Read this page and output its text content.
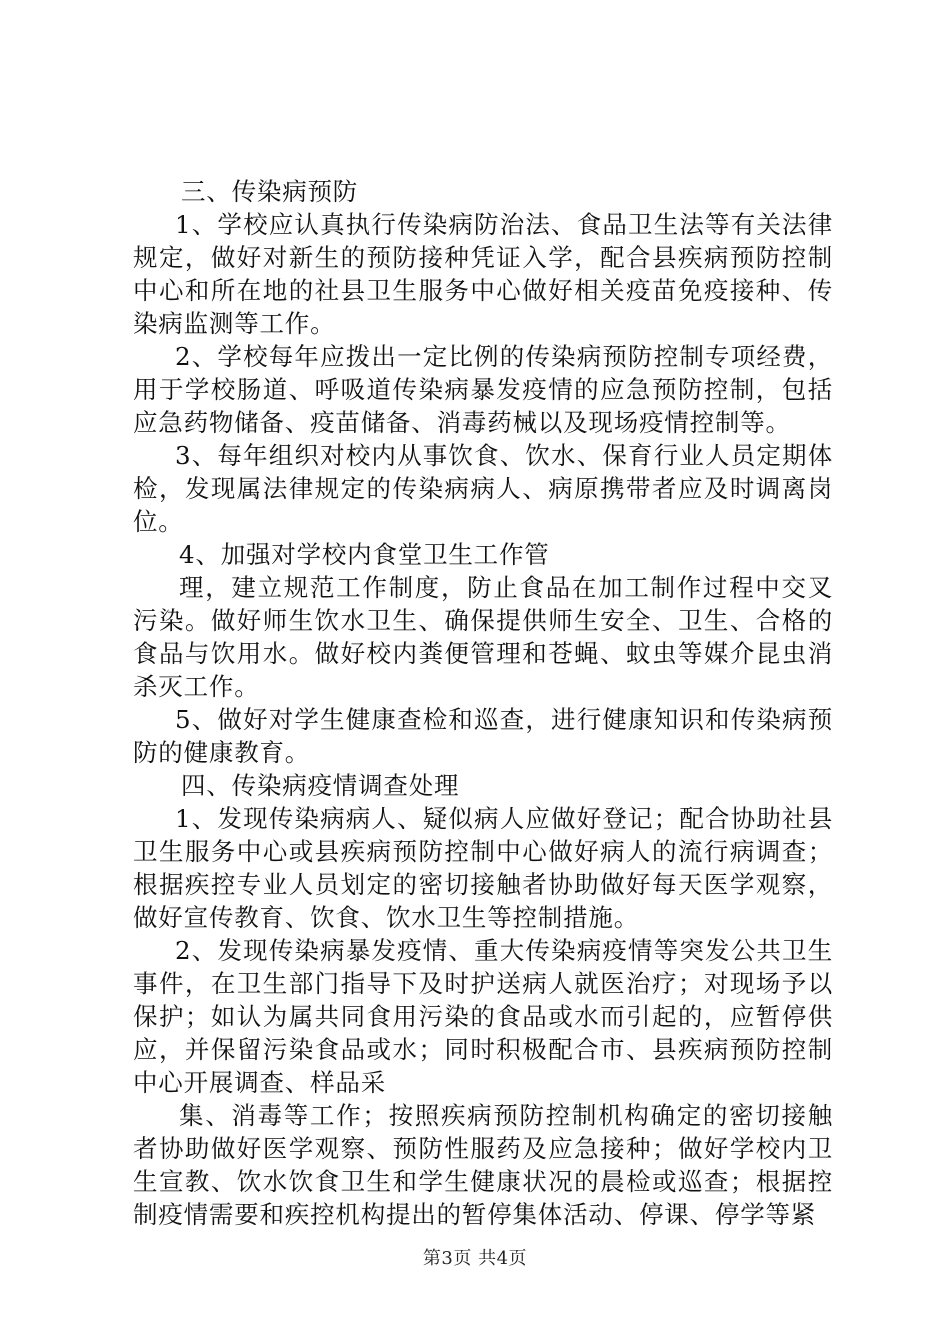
三、传染病预防

1、学校应认真执行传染病防治法、食品卫生法等有关法律规定，做好对新生的预防接种凭证入学，配合县疾病预防控制中心和所在地的社县卫生服务中心做好相关疫苗免疫接种、传染病监测等工作。

2、学校每年应拨出一定比例的传染病预防控制专项经费，用于学校肠道、呼吸道传染病暴发疫情的应急预防控制，包括应急药物储备、疫苗储备、消毒药械以及现场疫情控制等。

3、每年组织对校内从事饮食、饮水、保育行业人员定期体检，发现属法律规定的传染病病人、病原携带者应及时调离岗位。

4、加强对学校内食堂卫生工作管

理，建立规范工作制度，防止食品在加工制作过程中交叉污染。做好师生饮水卫生、确保提供师生安全、卫生、合格的食品与饮用水。做好校内粪便管理和苍蝇、蚊虫等媒介昆虫消杀灭工作。

5、做好对学生健康查检和巡查，进行健康知识和传染病预防的健康教育。

四、传染病疫情调查处理

1、发现传染病病人、疑似病人应做好登记；配合协助社县卫生服务中心或县疾病预防控制中心做好病人的流行病调查；根据疾控专业人员划定的密切接触者协助做好每天医学观察，做好宣传教育、饮食、饮水卫生等控制措施。

2、发现传染病暴发疫情、重大传染病疫情等突发公共卫生事件，在卫生部门指导下及时护送病人就医治疗；对现场予以保护；如认为属共同食用污染的食品或水而引起的，应暂停供应，并保留污染食品或水；同时积极配合市、县疾病预防控制中心开展调查、样品采

集、消毒等工作；按照疾病预防控制机构确定的密切接触者协助做好医学观察、预防性服药及应急接种；做好学校内卫生宣教、饮水饮食卫生和学生健康状况的晨检或巡查；根据控制疫情需要和疾控机构提出的暂停集体活动、停课、停学等紧

第3页 共4页
